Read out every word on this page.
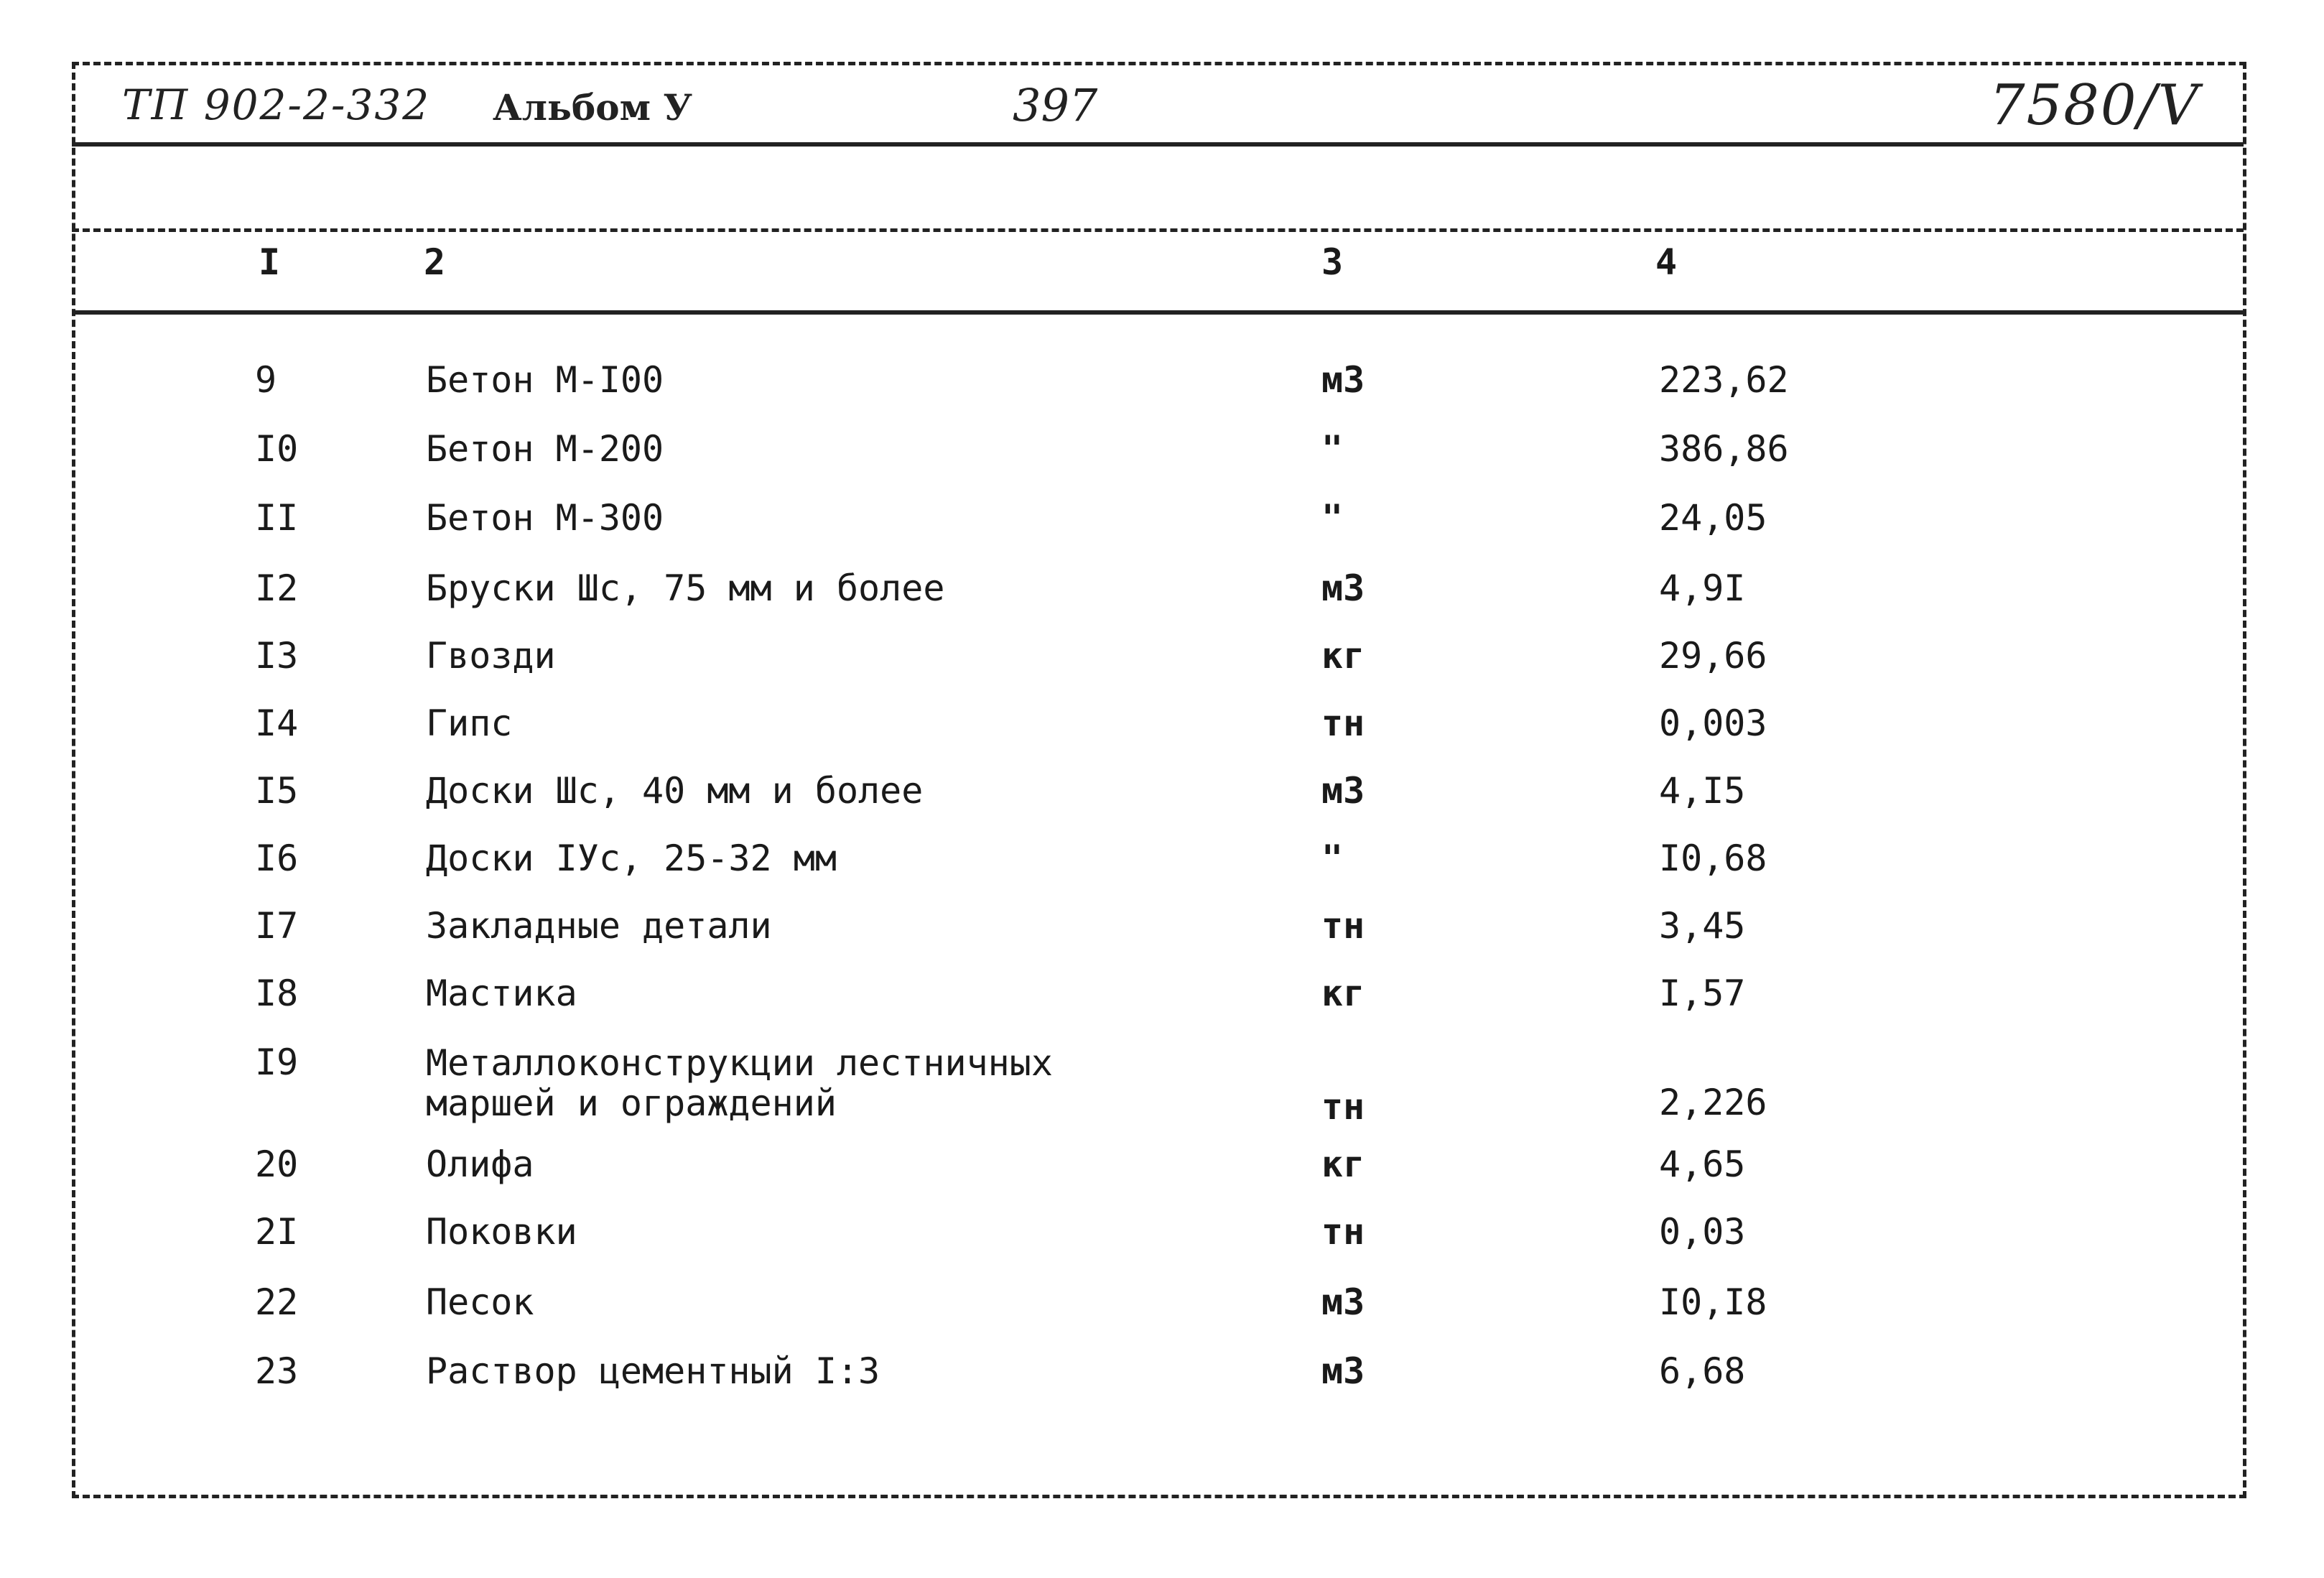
ТП 902-2-332 Альбом У	397	7580/V
I	2	3	4
9	Бетон М-I00	м3	223,62
I0	Бетон М-200	"	386,86
II	Бетон М-300	"	24,05
I2	Бруски Шс, 75 мм и более	м3	4,9I
I3	Гвозди	кг	29,66
I4	Гипс	тн	0,003
I5	Доски Шс, 40 мм и более	м3	4,I5
I6	Доски IУс, 25-32 мм	"	I0,68
I7	Закладные детали	тн	3,45
I8	Мастика	кг	I,57
I9	Металлоконструкции лестничных
маршей и ограждений	тн	2,226
20	Олифа	кг	4,65
2I	Поковки	тн	0,03
22	Песок	м3	I0,I8
23	Раствор цементный I:3	м3	6,68
